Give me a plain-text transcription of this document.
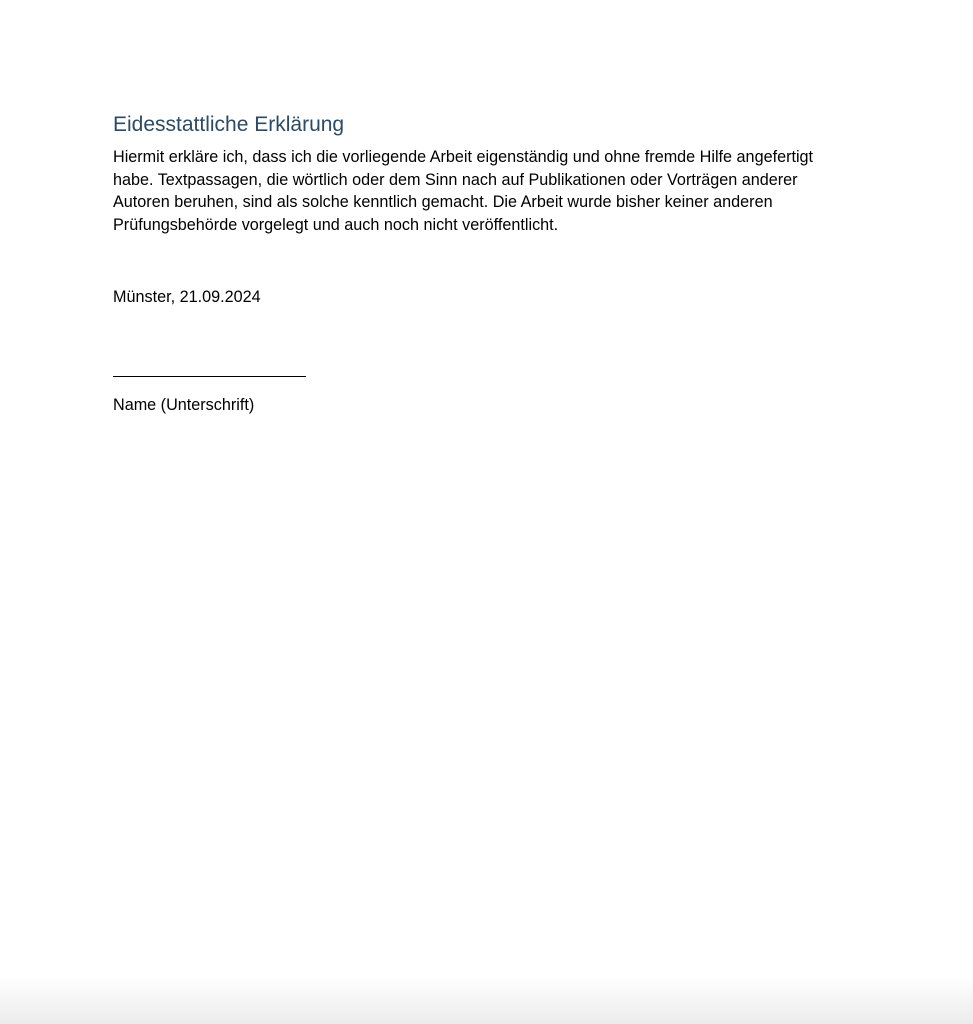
Eidesstattliche Erklärung

Hiermit erkläre ich, dass ich die vorliegende Arbeit eigenständig und ohne fremde Hilfe angefertigt habe. Textpassagen, die wörtlich oder dem Sinn nach auf Publikationen oder Vorträgen anderer Autoren beruhen, sind als solche kenntlich gemacht. Die Arbeit wurde bisher keiner anderen Prüfungsbehörde vorgelegt und auch noch nicht veröffentlicht.

Münster, 21.09.2024
Name (Unterschrift)
